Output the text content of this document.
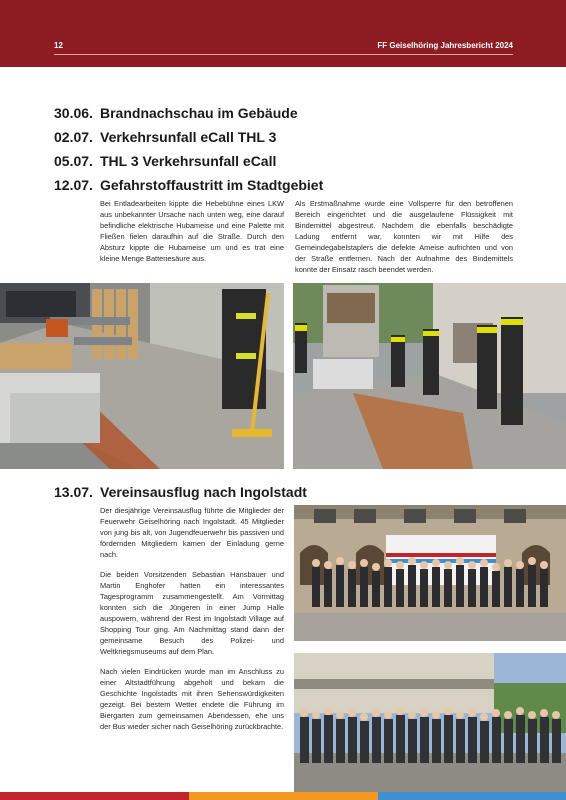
12	FF Geiselhöring Jahresbericht 2024
30.06. Brandnachschau im Gebäude
02.07. Verkehrsunfall eCall THL 3
05.07. THL 3 Verkehrsunfall eCall
12.07. Gefahrstoffaustritt im Stadtgebiet
Bei Entladearbeiten kippte die Hebebühne eines LKW aus unbekannter Ursache nach unten weg, eine darauf befindliche elektrische Hubameise und eine Palette mit Fließen fielen daraufhin auf die Straße. Durch den Absturz kippte die Hubameise um und es trat eine kleine Menge Batteriesäure aus.
Als Erstmaßnahme wurde eine Vollsperre für den betroffenen Bereich eingerichtet und die ausgelaufene Flüssigkeit mit Bindemittel abgestreut. Nachdem die ebenfalls beschädigte Ladung entfernt war, konnten wir mit Hilfe des Gemeindegabelstaplers die defekte Ameise aufrichten und von der Straße entfernen. Nach der Aufnahme des Bindemittels konnte der Einsatz rasch beendet werden.
13.07. Vereinsausflug nach Ingolstadt
Der diesjährige Vereinsausflug führte die Mitglieder der Feuerwehr Geiselhöring nach Ingolstadt. 45 Mitglieder von jung bis alt, von Jugendfeuerwehr bis passiven und fördernden Mitgliedern kamen der Einladung gerne nach.
Die beiden Vorsitzenden Sebastian Hansbauer und Martin Enghofer hatten ein interessantes Tagesprogramm zusammengestellt. Am Vormittag konnten sich die Jüngeren in einer Jump Halle auspowern, während der Rest im Ingolstadt Village auf Shopping Tour ging. Am Nachmittag stand dann der gemeinsame Besuch des Polizei- und Weltkriegsmuseums auf dem Plan.
Nach vielen Eindrücken wurde man im Anschluss zu einer Altstadtführung abgeholt und bekam die Geschichte Ingolstadts mit ihren Sehenswürdigkeiten gezeigt. Bei bestem Wetter endete die Führung im Biergarten zum gemeinsamen Abendessen, ehe uns der Bus wieder sicher nach Geiselhöring zurückbrachte.
